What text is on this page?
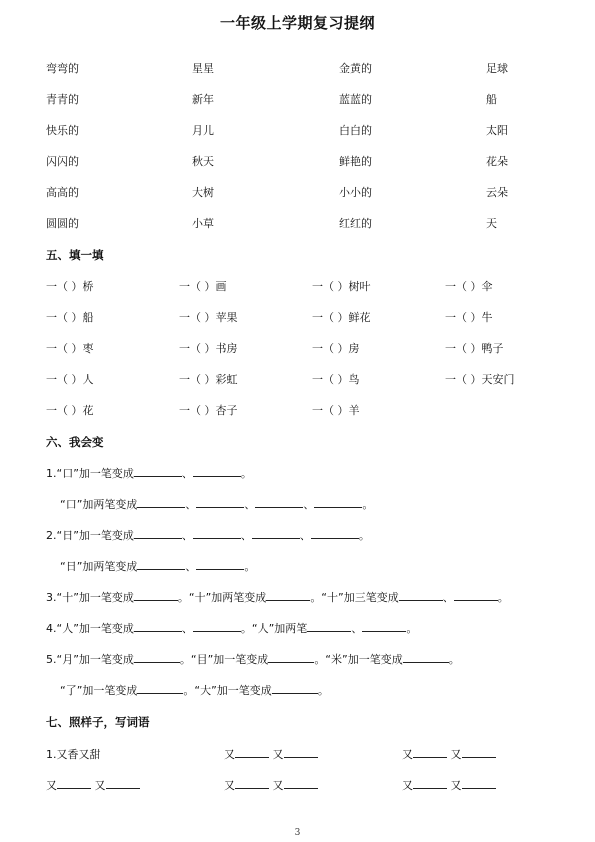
一年级上学期复习提纲
弯弯的	星星	金黄的	足球
青青的	新年	蓝蓝的	船
快乐的	月儿	白白的	太阳
闪闪的	秋天	鲜艳的	花朵
高高的	大树	小小的	云朵
圆圆的	小草	红红的	天
五、填一填
一（ ）桥	一（ ）画	一（ ）树叶	一（ ）伞
一（ ）船	一（ ）苹果	一（ ）鲜花	一（ ）牛
一（ ）枣	一（ ）书房	一（ ）房	一（ ）鸭子
一（ ）人	一（ ）彩虹	一（ ）鸟	一（ ）天安门
一（ ）花	一（ ）杏子	一（ ）羊
六、我会变
1.“口”加一笔变成	、	。
“口”加两笔变成	、	、	、	。
2.“日”加一笔变成	、	、	、	。
“日”加两笔变成	、	。
3.“十”加一笔变成	。“十”加两笔变成	。“十”加三笔变成	、	。
4.“人”加一笔变成	、	。“人”加两笔	、	。
5.“月”加一笔变成	。“目”加一笔变成	。“米”加一笔变成	。
“了”加一笔变成	。“大”加一笔变成	。
七、照样子，写词语
1.又香又甜	又	又	又	又
又	又	又	又	又	又
3
